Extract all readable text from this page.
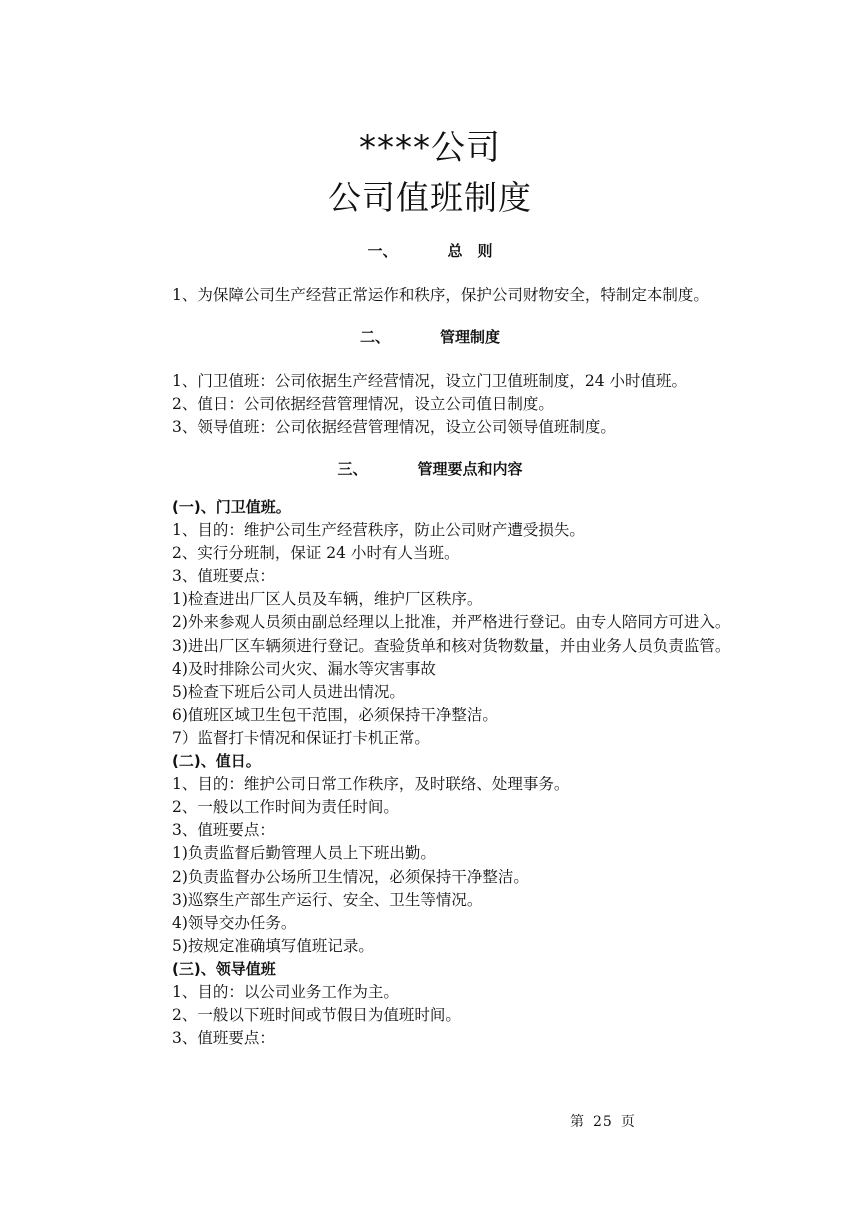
****公司
公司值班制度
一、	总　则
1、为保障公司生产经营正常运作和秩序，保护公司财物安全，特制定本制度。
二、	管理制度
1、门卫值班：公司依据生产经营情况，设立门卫值班制度，24 小时值班。
2、值日：公司依据经营管理情况，设立公司值日制度。
3、领导值班：公司依据经营管理情况，设立公司领导值班制度。
三、	管理要点和内容
(一)、门卫值班。
1、目的：维护公司生产经营秩序，防止公司财产遭受损失。
2、实行分班制，保证 24 小时有人当班。
3、值班要点：
1)检查进出厂区人员及车辆，维护厂区秩序。
2)外来参观人员须由副总经理以上批准，并严格进行登记。由专人陪同方可进入。
3)进出厂区车辆须进行登记。查验货单和核对货物数量，并由业务人员负责监管。
4)及时排除公司火灾、漏水等灾害事故
5)检查下班后公司人员进出情况。
6)值班区域卫生包干范围，必须保持干净整洁。
7）监督打卡情况和保证打卡机正常。
(二)、值日。
1、目的：维护公司日常工作秩序，及时联络、处理事务。
2、一般以工作时间为责任时间。
3、值班要点：
1)负责监督后勤管理人员上下班出勤。
2)负责监督办公场所卫生情况，必须保持干净整洁。
3)巡察生产部生产运行、安全、卫生等情况。
4)领导交办任务。
5)按规定准确填写值班记录。
(三)、领导值班
1、目的：以公司业务工作为主。
2、一般以下班时间或节假日为值班时间。
3、值班要点：
第 25 页
